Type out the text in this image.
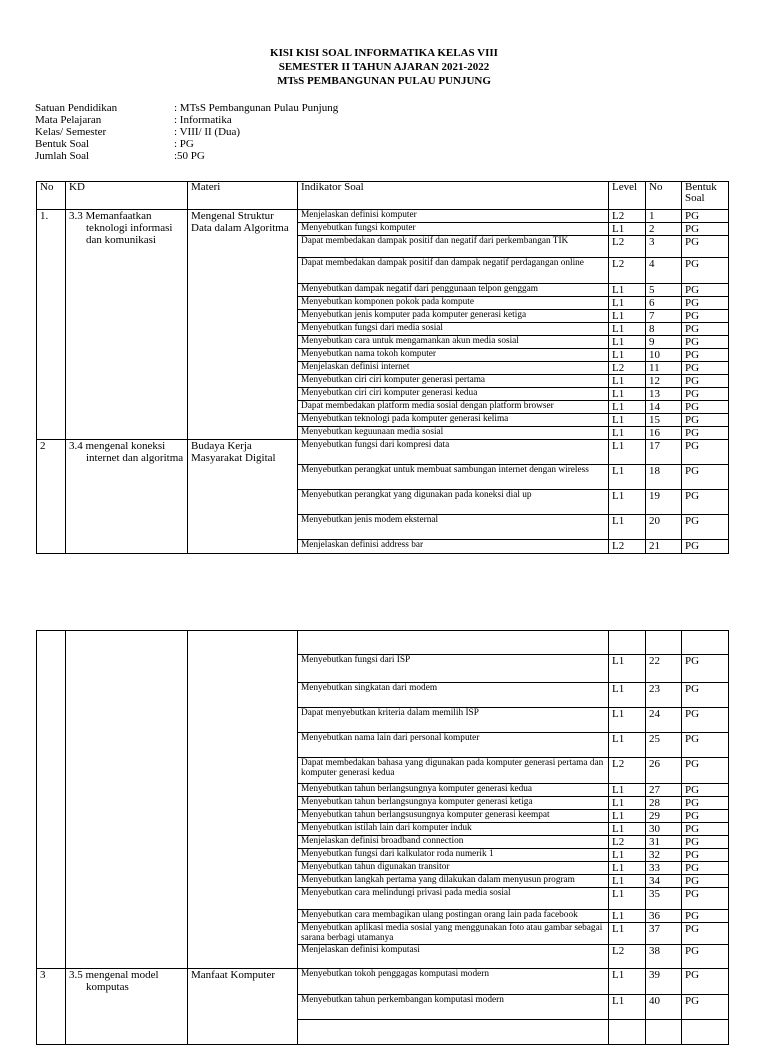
KISI KISI SOAL INFORMATIKA KELAS VIII
SEMESTER II TAHUN AJARAN 2021-2022
MTsS PEMBANGUNAN PULAU PUNJUNG
Satuan Pendidikan	: MTsS Pembangunan Pulau Punjung
Mata Pelajaran	: Informatika
Kelas/ Semester	: VIII/ II (Dua)
Bentuk Soal	: PG
Jumlah Soal	:50 PG
No	KD	Materi	Indikator Soal	Level	No	Bentuk Soal
1.	3.3 Memanfaatkan teknologi informasi dan komunikasi	Mengenal Struktur Data dalam Algoritma	Menjelaskan definisi komputer	L2	1	PG
			Menyebutkan fungsi komputer	L1	2	PG
			Dapat membedakan dampak positif dan negatif dari perkembangan TIK	L2	3	PG
			Dapat membedakan dampak positif dan dampak negatif perdagangan online	L2	4	PG
			Menyebutkan dampak negatif dari penggunaan telpon genggam	L1	5	PG
			Menyebutkan komponen pokok pada kompute	L1	6	PG
			Menyebutkan jenis komputer pada komputer generasi ketiga	L1	7	PG
			Menyebutkan fungsi dari media sosial	L1	8	PG
			Menyebutkan cara untuk mengamankan akun media sosial	L1	9	PG
			Menyebutkan nama tokoh komputer	L1	10	PG
			Menjelaskan definisi internet	L2	11	PG
			Menyebutkan ciri ciri komputer generasi pertama	L1	12	PG
			Menyebutkan ciri ciri komputer generasi kedua	L1	13	PG
			Dapat membedakan platform media sosial dengan platform browser	L1	14	PG
			Menyebutkan teknologi pada komputer generasi kelima	L1	15	PG
			Menyebutkan keguunaan media sosial	L1	16	PG
2	3.4 mengenal koneksi internet dan algoritma	Budaya Kerja Masyarakat Digital	Menyebutkan fungsi dari kompresi data	L1	17	PG
			Menyebutkan perangkat untuk membuat sambungan internet dengan wireless	L1	18	PG
			Menyebutkan perangkat yang digunakan pada koneksi dial up	L1	19	PG
			Menyebutkan jenis modem eksternal	L1	20	PG
			Menjelaskan definisi address bar	L2	21	PG

			Menyebutkan fungsi dari ISP	L1	22	PG
			Menyebutkan singkatan dari modem	L1	23	PG
			Dapat menyebutkan kriteria dalam memilih ISP	L1	24	PG
			Menyebutkan nama lain dari personal komputer	L1	25	PG
			Dapat membedakan bahasa yang digunakan pada komputer generasi pertama dan komputer generasi kedua	L2	26	PG
			Menyebutkan tahun berlangsungnya komputer generasi kedua	L1	27	PG
			Menyebutkan tahun berlangsungnya komputer generasi ketiga	L1	28	PG
			Menyebutkan tahun berlangsusungnya komputer generasi keempat	L1	29	PG
			Menyebutkan istilah lain dari komputer induk	L1	30	PG
			Menjelaskan definisi broadband connection	L2	31	PG
			Menyebutkan fungsi dari kalkulator roda numerik 1	L1	32	PG
			Menyebutkan tahun digunakan transitor	L1	33	PG
			Menyebutkan langkah pertama yang dilakukan dalam menyusun program	L1	34	PG
			Menyebutkan cara melindungi privasi pada media sosial	L1	35	PG
			Menyebutkan cara membagikan ulang postingan orang lain pada facebook	L1	36	PG
			Menyebutkan aplikasi media sosial yang menggunakan foto atau gambar sebagai sarana berbagi utamanya	L1	37	PG
			Menjelaskan definisi komputasi	L2	38	PG
3	3.5 mengenal model komputas	Manfaat Komputer	Menyebutkan tokoh penggagas komputasi modern	L1	39	PG
			Menyebutkan tahun perkembangan komputasi modern	L1	40	PG
